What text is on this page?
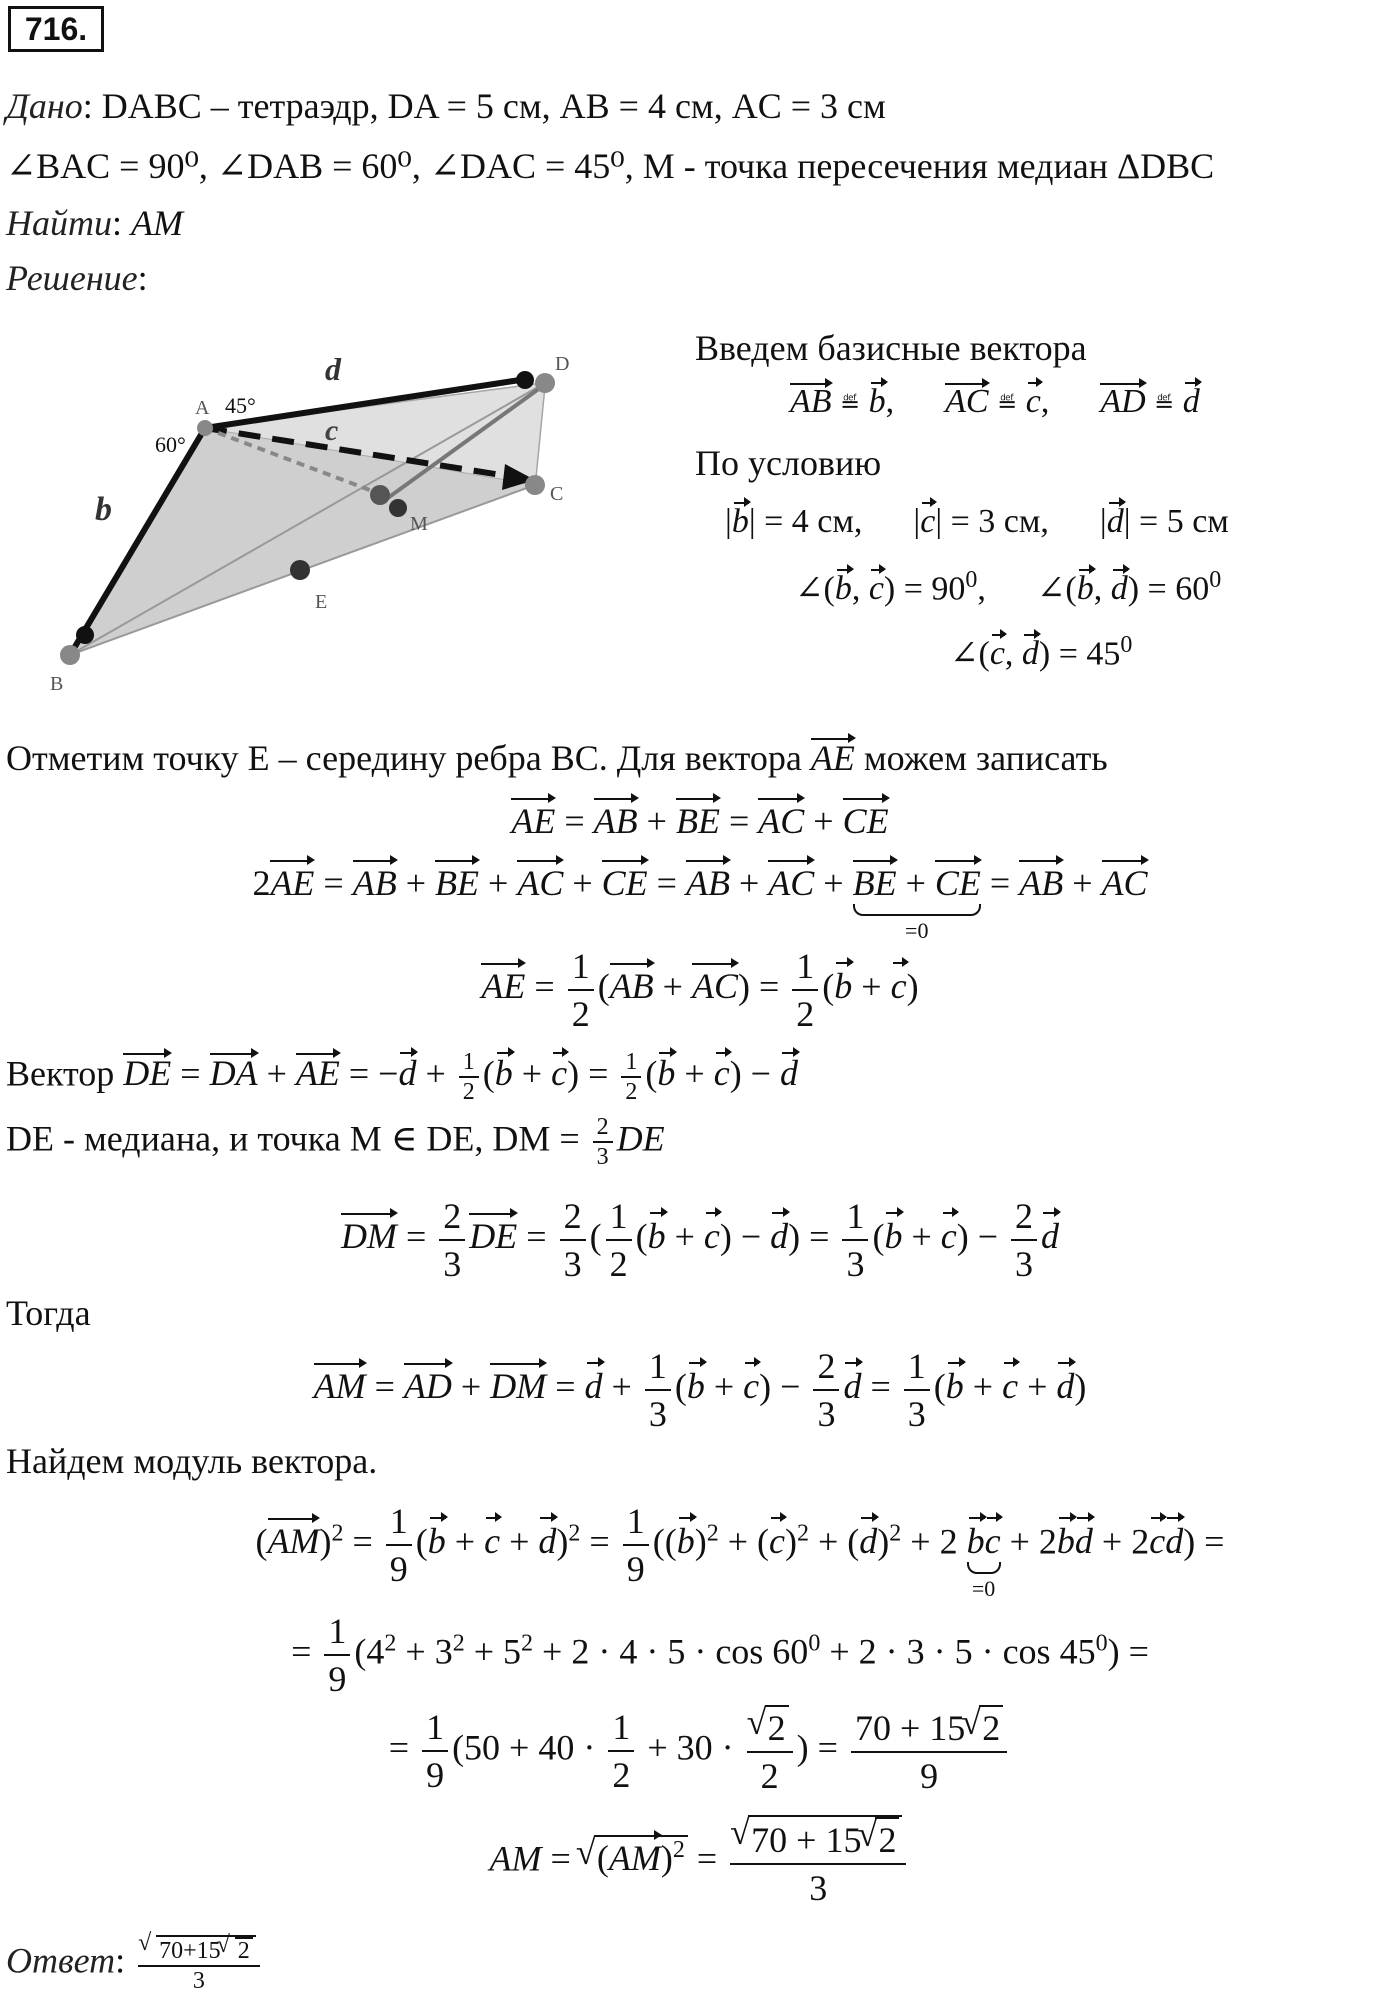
716.
Дано: DABC – тетраэдр, DA = 5 см, AB = 4 см, AC = 3 см
∠BAC = 90⁰, ∠DAB = 60⁰, ∠DAC = 45⁰, M - точка пересечения медиан ΔDBC
Найти: AM
Решение:
A
D
C
B
E
M
45°
60°
b
d
c
Введем базисные вектора
AB ≝ b,      AC ≝ c,      AD ≝ d
По условию
|b| = 4 см,      |c| = 3 см,      |d| = 5 см
∠(b, $c) = 90^0$,      ∠(b, $d) = 60^0$
∠(c, $d) = 45^0$
Отметим точку E – середину ребра BC. Для вектора AE можем записать
AE = AB + BE = AC + CE
2AE = AB + BE + AC + CE = AB + AC + BE + CE
=0
= AB + AC
AE = $\frac{1}{2} (AB + AC) = \frac{1}{2} (b + c)$
Вектор DE = DA + AE = $-d + \frac{1}{2} (b + c) = \frac{1}{2} (b + c) - d$
DE - медиана, и точка M ∈ DE, DM = $\frac{2}{3}$ DE
DM = $\frac{2}{3}$ DE = $\frac{2}{3}$ ( $\frac{1}{2} (b + c) - d) = \frac{1}{3} (b + c) - \frac{2}{3}$ d
Тогда
AM = AD + DM = $d + \frac{1}{3} (b + c) - \frac{2}{3}$ $d = \frac{1}{3} (b + c + d)$
Найдем модуль вектора.
$(AM)^2 = \frac{1}{9} (b + c + d)^2 = \frac{1}{9} ((b)^2 + (c)^2 + (d)^2 + 2$ bc
=0
+ 2bd + 2cd) =
= $\frac{1}{9} (4^2 + 3^2 + 5^2 + 2 \cdot 4 \cdot 5 \cdot \cos 60^0 + 2 \cdot 3 \cdot 5 \cdot \cos 45^0)$ =
= $\frac{1}{9} (50 + 40 \cdot \frac{1}{2} + 30$ · √ $\frac{2}{2}$ ) = $\frac{70 + 15 √ 2}{9}$
AM = √ (AM)$^2$ = √ $\frac{70 + 15 √ 2}{3}$
Ответ: √ $\frac{70+15 √ 2}{3}$
